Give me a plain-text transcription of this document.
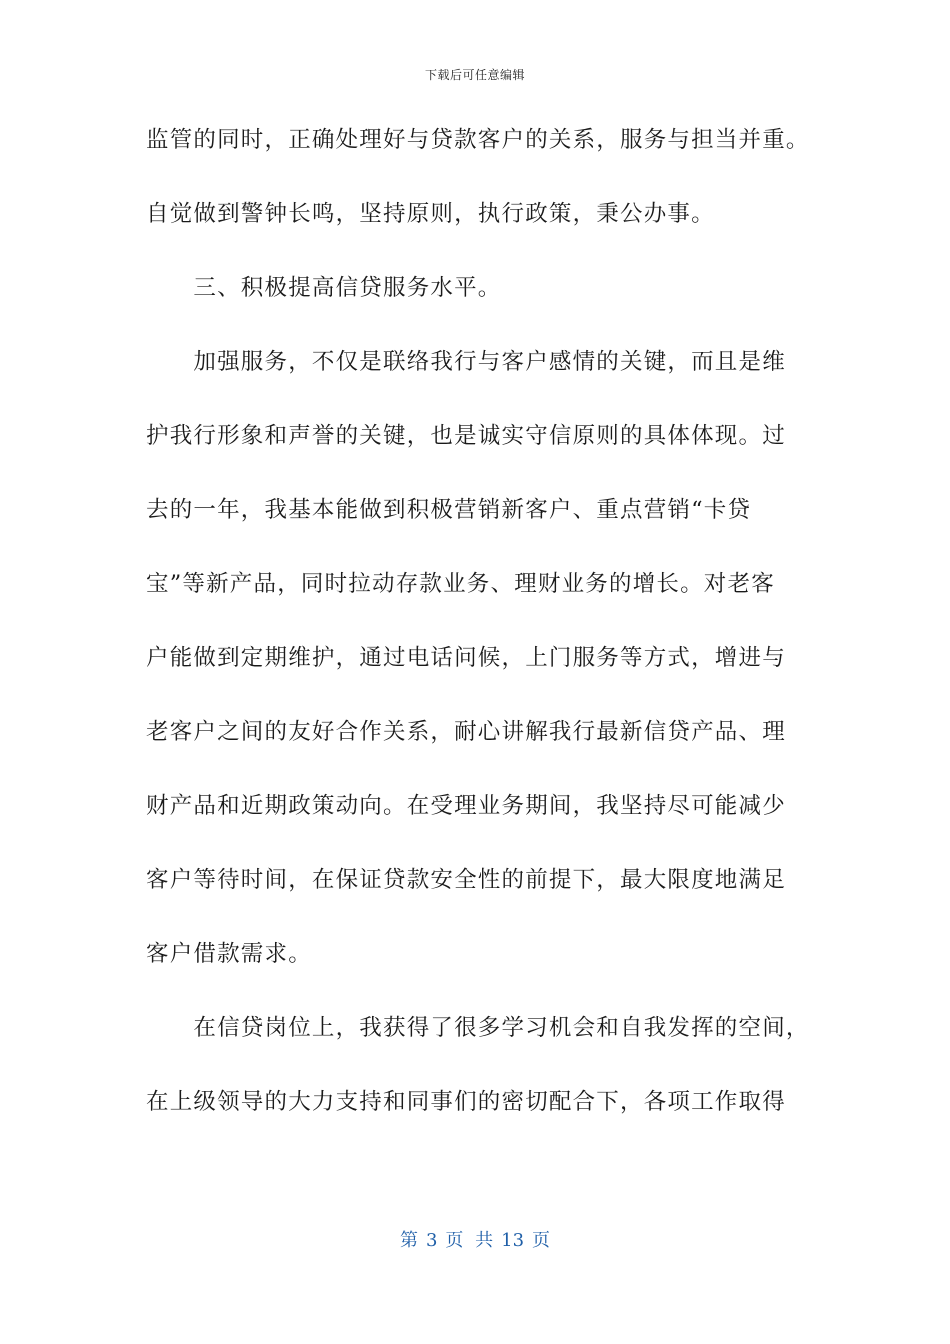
下载后可任意编辑
监管的同时，正确处理好与贷款客户的关系，服务与担当并重。
自觉做到警钟长鸣，坚持原则，执行政策，秉公办事。
　　三、积极提高信贷服务水平。
　　加强服务，不仅是联络我行与客户感情的关键，而且是维
护我行形象和声誉的关键，也是诚实守信原则的具体体现。过
去的一年，我基本能做到积极营销新客户、重点营销“卡贷
宝”等新产品，同时拉动存款业务、理财业务的增长。对老客
户能做到定期维护，通过电话问候，上门服务等方式，增进与
老客户之间的友好合作关系，耐心讲解我行最新信贷产品、理
财产品和近期政策动向。在受理业务期间，我坚持尽可能减少
客户等待时间，在保证贷款安全性的前提下，最大限度地满足
客户借款需求。
　　在信贷岗位上，我获得了很多学习机会和自我发挥的空间，
在上级领导的大力支持和同事们的密切配合下，各项工作取得
第 3 页 共 13 页
